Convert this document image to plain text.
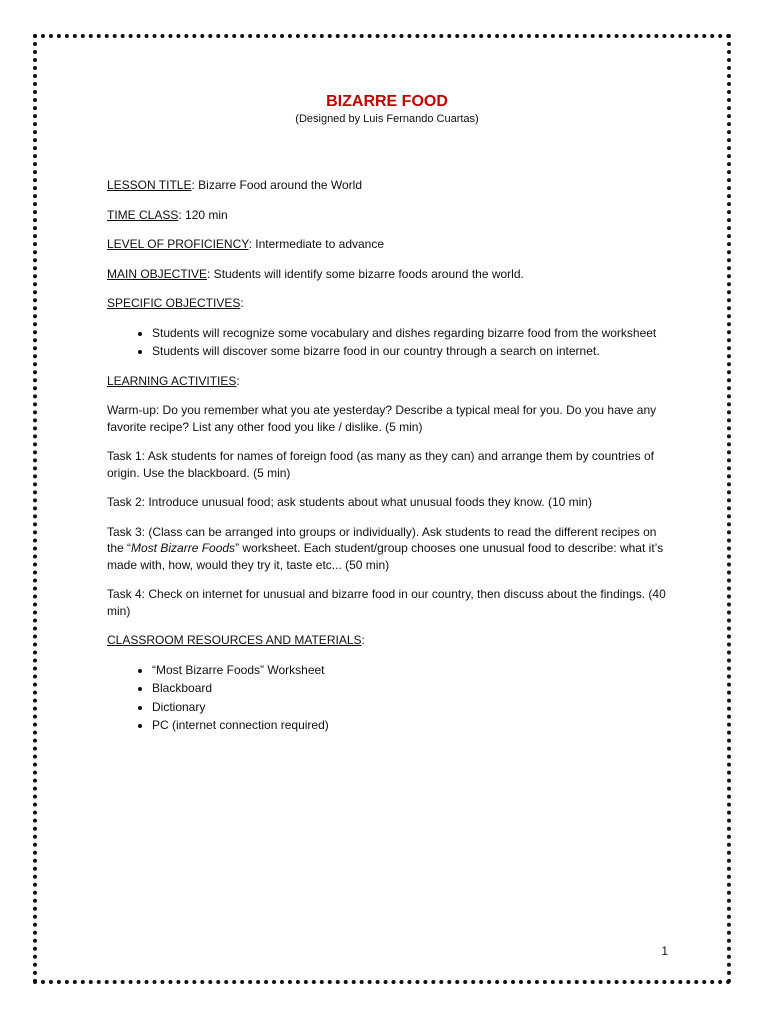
BIZARRE FOOD
(Designed by Luis Fernando Cuartas)

LESSON TITLE: Bizarre Food around the World

TIME CLASS: 120 min

LEVEL OF PROFICIENCY: Intermediate to advance

MAIN OBJECTIVE: Students will identify some bizarre foods around the world.

SPECIFIC OBJECTIVES:

• Students will recognize some vocabulary and dishes regarding bizarre food from the worksheet
• Students will discover some bizarre food in our country through a search on internet.

LEARNING ACTIVITIES:

Warm-up: Do you remember what you ate yesterday? Describe a typical meal for you. Do you have any favorite recipe? List any other food you like / dislike. (5 min)

Task 1: Ask students for names of foreign food (as many as they can) and arrange them by countries of origin. Use the blackboard. (5 min)

Task 2: Introduce unusual food; ask students about what unusual foods they know. (10 min)

Task 3: (Class can be arranged into groups or individually). Ask students to read the different recipes on the “Most Bizarre Foods” worksheet. Each student/group chooses one unusual food to describe: what it’s made with, how, would they try it, taste etc... (50 min)

Task 4: Check on internet for unusual and bizarre food in our country, then discuss about the findings. (40 min)

CLASSROOM RESOURCES AND MATERIALS:

• “Most Bizarre Foods” Worksheet
• Blackboard
• Dictionary
• PC (internet connection required)
1
